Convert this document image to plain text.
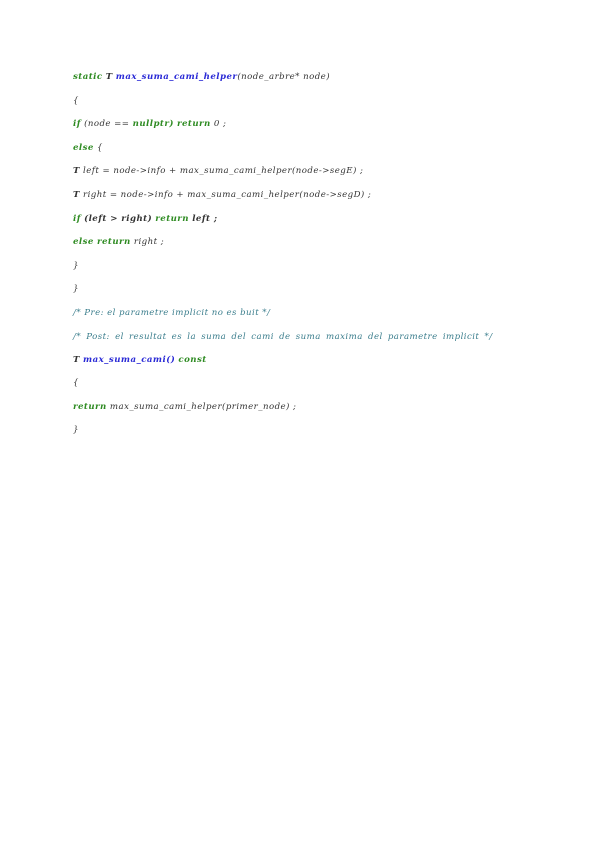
static T max_suma_cami_helper(node_arbre* node)
{
if (node == nullptr) return 0 ;
else {
T left = node->info + max_suma_cami_helper(node->segE) ;
T right = node->info + max_suma_cami_helper(node->segD) ;
if (left > right) return left ;
else return right ;
}
}
/* Pre: el parametre implicit no es buit */
/* Post: el resultat es la suma del cami de suma maxima del parametre implicit */
T max_suma_cami() const
{
return max_suma_cami_helper(primer_node) ;
}
